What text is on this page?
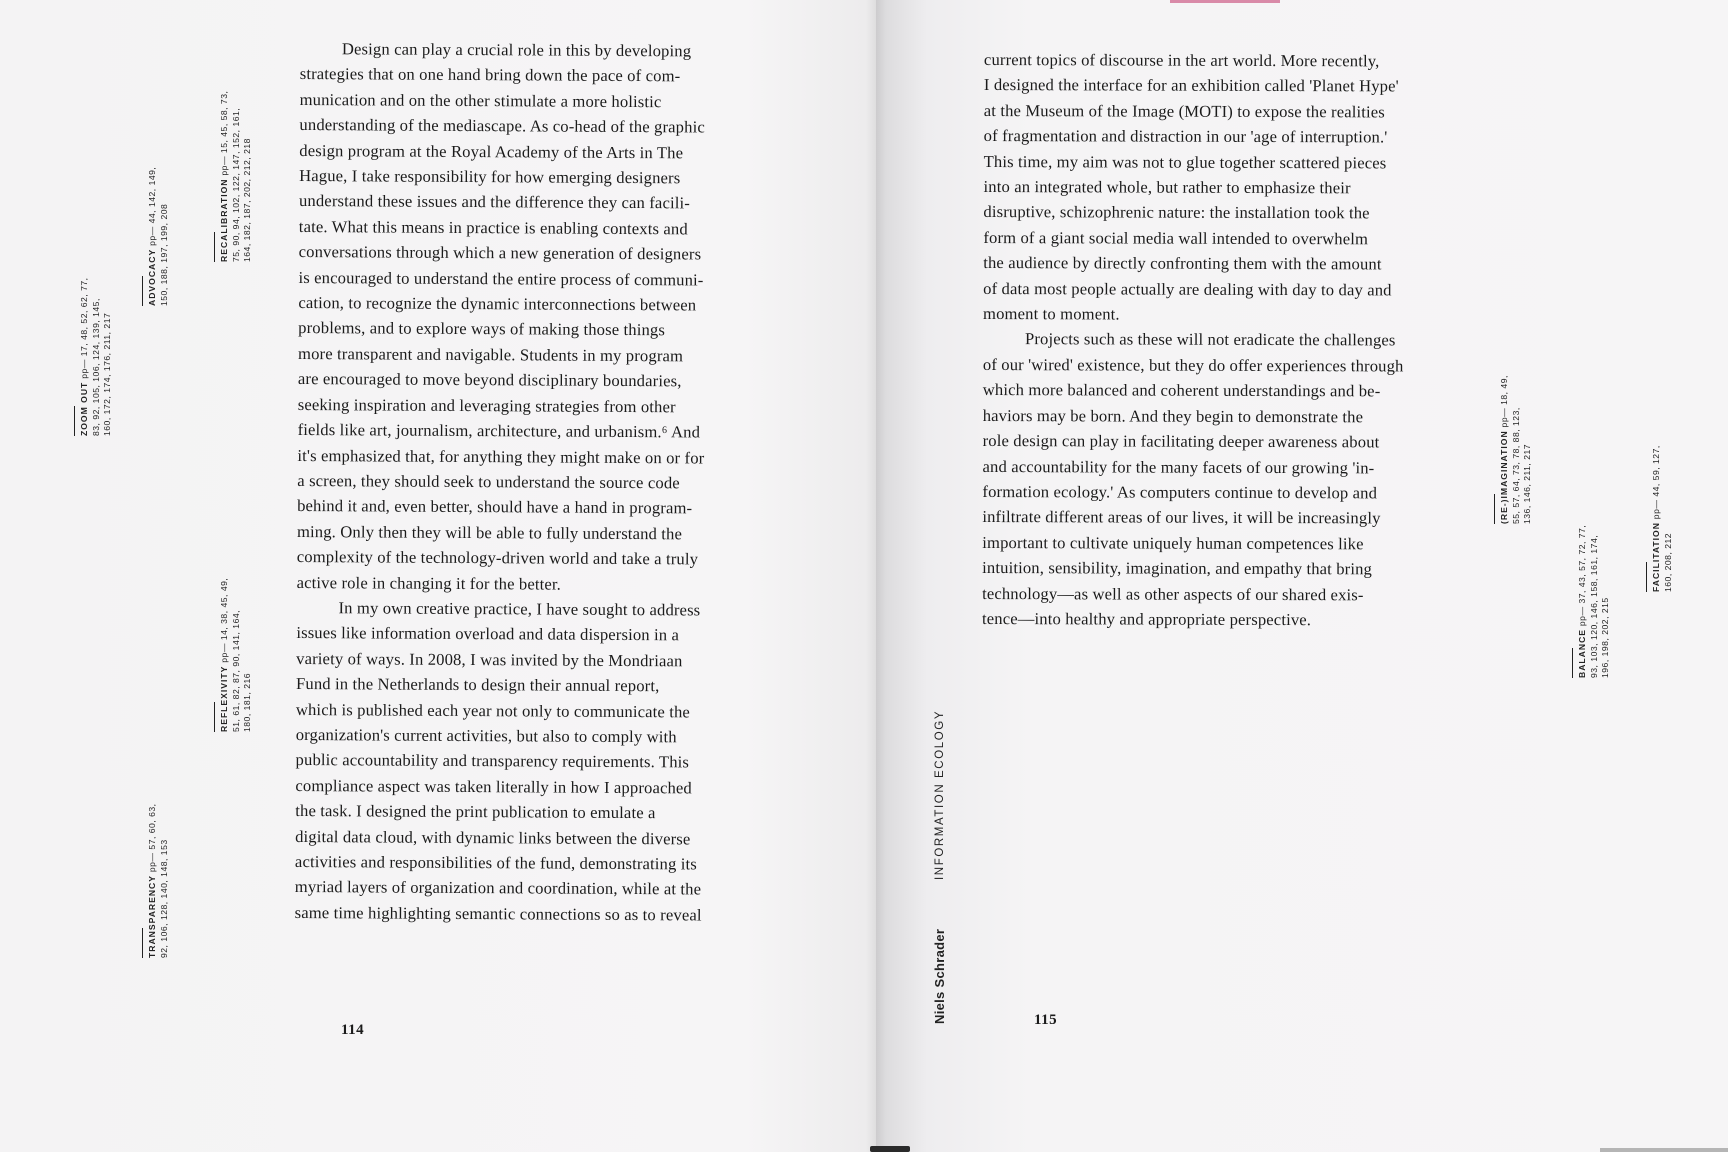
Design can play a crucial role in this by developing

strategies that on one hand bring down the pace of com-

munication and on the other stimulate a more holistic

understanding of the mediascape. As co-head of the graphic

design program at the Royal Academy of the Arts in The

Hague, I take responsibility for how emerging designers

understand these issues and the difference they can facili-

tate. What this means in practice is enabling contexts and

conversations through which a new generation of designers

is encouraged to understand the entire process of communi-

cation, to recognize the dynamic interconnections between

problems, and to explore ways of making those things

more transparent and navigable. Students in my program

are encouraged to move beyond disciplinary boundaries,

seeking inspiration and leveraging strategies from other

fields like art, journalism, architecture, and urbanism.⁶ And

it's emphasized that, for anything they might make on or for

a screen, they should seek to understand the source code

behind it and, even better, should have a hand in program-

ming. Only then they will be able to fully understand the

complexity of the technology-driven world and take a truly

active role in changing it for the better.

In my own creative practice, I have sought to address

issues like information overload and data dispersion in a

variety of ways. In 2008, I was invited by the Mondriaan

Fund in the Netherlands to design their annual report,

which is published each year not only to communicate the

organization's current activities, but also to comply with

public accountability and transparency requirements. This

compliance aspect was taken literally in how I approached

the task. I designed the print publication to emulate a

digital data cloud, with dynamic links between the diverse

activities and responsibilities of the fund, demonstrating its

myriad layers of organization and coordination, while at the

same time highlighting semantic connections so as to reveal

114
ZOOM OUT pp— 17, 48, 52, 62, 77, 83, 92, 105, 106, 124, 139, 145, 160, 172, 174, 176, 211, 217
ADVOCACY pp— 44, 142, 149, 150, 188, 197, 199, 208	RECALIBRATION pp— 15, 45, 58, 73, 75, 90, 94, 102, 122, 147, 152, 161, 164, 182, 187, 202, 212, 218
REFLEXIVITY pp— 14, 38, 45, 49, 51, 61, 82, 87, 90, 141, 164, 180, 181, 216
TRANSPARENCY pp— 57, 60, 63,
92, 106, 128, 140, 148, 153

current topics of discourse in the art world. More recently,

I designed the interface for an exhibition called 'Planet Hype'

at the Museum of the Image (MOTI) to expose the realities

of fragmentation and distraction in our 'age of interruption.'

This time, my aim was not to glue together scattered pieces

into an integrated whole, but rather to emphasize their

disruptive, schizophrenic nature: the installation took the

form of a giant social media wall intended to overwhelm

the audience by directly confronting them with the amount

of data most people actually are dealing with day to day and

moment to moment.

Projects such as these will not eradicate the challenges

of our 'wired' existence, but they do offer experiences through

which more balanced and coherent understandings and be-

haviors may be born. And they begin to demonstrate the

role design can play in facilitating deeper awareness about

and accountability for the many facets of our growing 'in-

formation ecology.' As computers continue to develop and

infiltrate different areas of our lives, it will be increasingly

important to cultivate uniquely human competences like

intuition, sensibility, imagination, and empathy that bring

technology—as well as other aspects of our shared exis-

tence—into healthy and appropriate perspective.

115
INFORMATION ECOLOGY
Niels Schrader
(RE-)IMAGINATION pp— 18, 49,
55, 57, 64, 73, 78, 88, 123, 136, 146, 211, 217
BALANCE pp— 37, 43, 57, 72, 77, 93, 103, 120, 146, 158, 161, 174, 196, 198, 202, 215
FACILITATION pp— 44, 59, 127,
160, 208, 212
